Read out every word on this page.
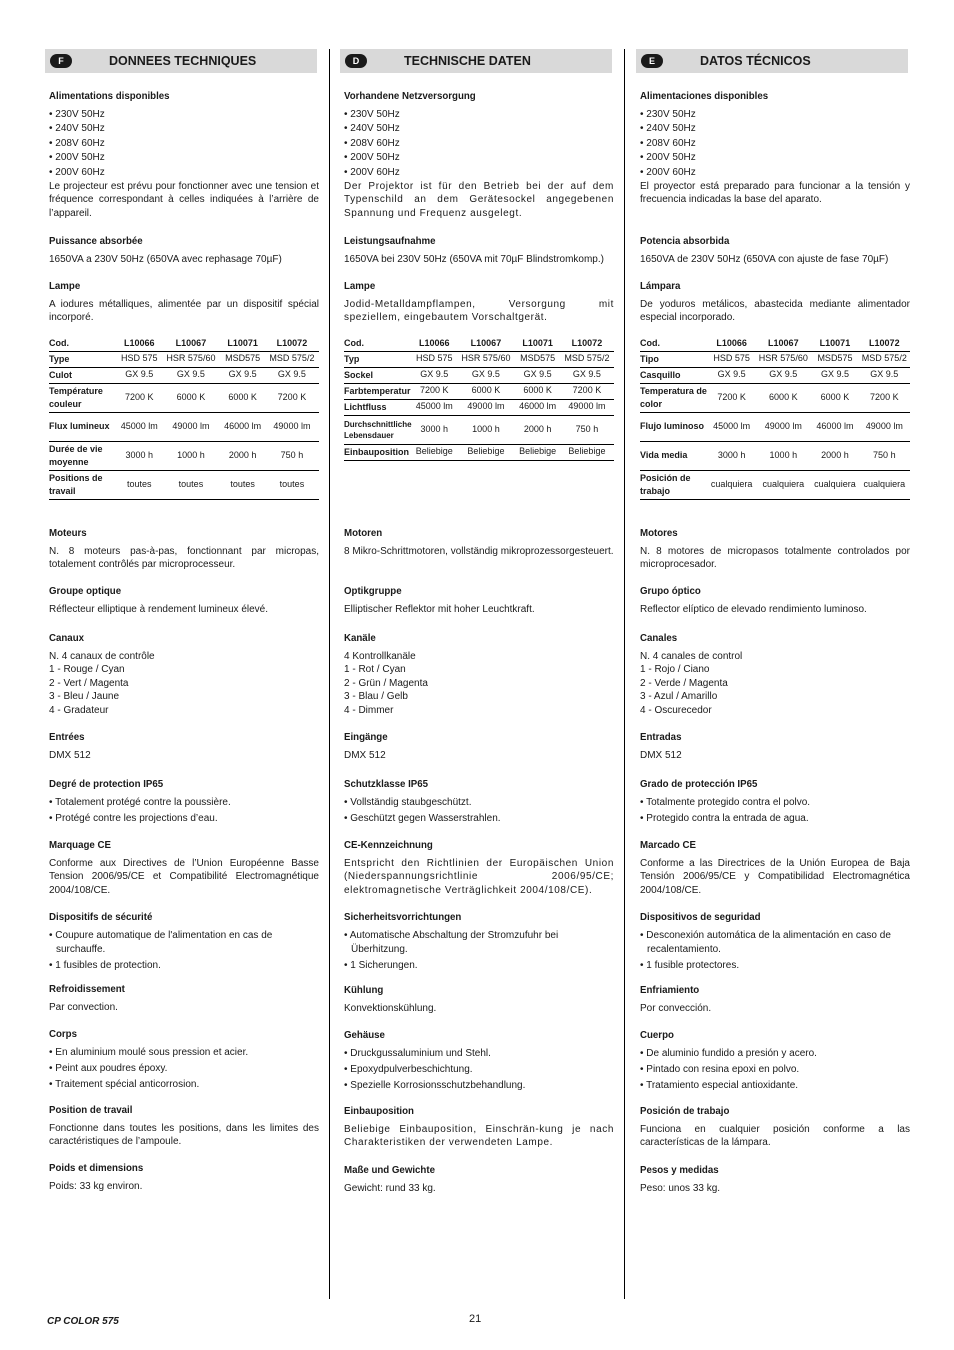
CP COLOR 575	21
F	DONNEES TECHNIQUES
Alimentations disponibles
• 230V 50Hz
• 240V 50Hz
• 208V 60Hz
• 200V 50Hz
• 200V 60Hz
Le projecteur est prévu pour fonctionner avec une tension et fréquence correspondant à celles indiquées à l’arrière de l’appareil.
Puissance absorbée
1650VA a 230V 50Hz (650VA avec rephasage 70µF)
Lampe
A iodures métalliques, alimentée par un dispositif spécial incorporé.
Cod.	L10066	L10067	L10071	L10072
Type	HSD 575	HSR 575/60	MSD575	MSD 575/2
Culot	GX 9.5	GX 9.5	GX 9.5	GX 9.5
Température couleur	7200 K	6000 K	6000 K	7200 K
Flux lumineux	45000 lm	49000 lm	46000 lm	49000 lm
Durée de vie moyenne	3000 h	1000 h	2000 h	750 h
Positions de travail	toutes	toutes	toutes	toutes
Moteurs
N. 8 moteurs pas-à-pas, fonctionnant par micropas, totalement contrôlés par microprocesseur.
Groupe optique
Réflecteur elliptique à rendement lumineux élevé.
Canaux
N. 4 canaux de contrôle
1 - Rouge / Cyan
2 - Vert / Magenta
3 - Bleu / Jaune
4 - Gradateur
Entrées
DMX 512
Degré de protection IP65
• Totalement protégé contre la poussière.
• Protégé contre les projections d’eau.
Marquage CE
Conforme aux Directives de l’Union Européenne Basse Tension 2006/95/CE et Compatibilité Electromagnétique 2004/108/CE.
Dispositifs de sécurité
• Coupure automatique de l'alimentation en cas de surchauffe.
• 1 fusibles de protection.
Refroidissement
Par convection.
Corps
• En aluminium moulé sous pression et acier.
• Peint aux poudres époxy.
• Traitement spécial anticorrosion.
Position de travail
Fonctionne dans toutes les positions, dans les limites des caractéristiques de l’ampoule.
Poids et dimensions
Poids: 33 kg environ.
D	TECHNISCHE DATEN
Vorhandene Netzversorgung
• 230V 50Hz
• 240V 50Hz
• 208V 60Hz
• 200V 50Hz
• 200V 60Hz
Der Projektor ist für den Betrieb bei der auf dem Typenschild an dem Gerätesockel angegebenen Spannung und Frequenz ausgelegt.
Leistungsaufnahme
1650VA bei 230V 50Hz (650VA mit 70µF Blindstromkomp.)
Lampe
Jodid-Metalldampflampen, Versorgung mit speziellem, eingebautem Vorschaltgerät.
Cod.	L10066	L10067	L10071	L10072
Typ	HSD 575	HSR 575/60	MSD575	MSD 575/2
Sockel	GX 9.5	GX 9.5	GX 9.5	GX 9.5
Farbtemperatur	7200 K	6000 K	6000 K	7200 K
Lichtfluss	45000 lm	49000 lm	46000 lm	49000 lm
Durchschnittliche Lebensdauer	3000 h	1000 h	2000 h	750 h
Einbauposition	Beliebige	Beliebige	Beliebige	Beliebige
Motoren
8 Mikro-Schrittmotoren, vollständig mikroprozessorgesteuert.
Optikgruppe
Elliptischer Reflektor mit hoher Leuchtkraft.
Kanäle
4 Kontrollkanäle
1 - Rot / Cyan
2 - Grün / Magenta
3 - Blau / Gelb
4 - Dimmer
Eingänge
DMX 512
Schutzklasse IP65
• Vollständig staubgeschützt.
• Geschützt gegen Wasserstrahlen.
CE-Kennzeichnung
Entspricht den Richtlinien der Europäischen Union (Niederspannungsrichtlinie 2006/95/CE; elektromagnetische Verträglichkeit 2004/108/CE).
Sicherheitsvorrichtungen
• Automatische Abschaltung der Stromzufuhr bei Überhitzung.
• 1 Sicherungen.
Kühlung
Konvektionskühlung.
Gehäuse
• Druckgussaluminium und Stehl.
• Epoxydpulverbeschichtung.
• Spezielle Korrosionsschutzbehandlung.
Einbauposition
Beliebige Einbauposition, Einschrän-kung je nach Charakteristiken der verwendeten Lampe.
Maße und Gewichte
Gewicht: rund 33 kg.
E	DATOS TÉCNICOS
Alimentaciones disponibles
• 230V 50Hz
• 240V 50Hz
• 208V 60Hz
• 200V 50Hz
• 200V 60Hz
El proyector está preparado para funcionar a la tensión y frecuencia indicadas la base del aparato.
Potencia absorbida
1650VA de 230V 50Hz (650VA con ajuste de fase 70µF)
Lámpara
De yoduros metálicos, abastecida mediante alimentador especial incorporado.
Cod.	L10066	L10067	L10071	L10072
Tipo	HSD 575	HSR 575/60	MSD575	MSD 575/2
Casquillo	GX 9.5	GX 9.5	GX 9.5	GX 9.5
Temperatura de color	7200 K	6000 K	6000 K	7200 K
Flujo luminoso	45000 lm	49000 lm	46000 lm	49000 lm
Vida media	3000 h	1000 h	2000 h	750 h
Posición de trabajo	cualquiera	cualquiera	cualquiera	cualquiera
Motores
N. 8 motores de micropasos totalmente controlados por microprocesador.
Grupo óptico
Reflector elíptico de elevado rendimiento luminoso.
Canales
N. 4 canales de control
1 - Rojo / Ciano
2 - Verde / Magenta
3 - Azul / Amarillo
4 - Oscurecedor
Entradas
DMX 512
Grado de protección IP65
• Totalmente protegido contra el polvo.
• Protegido contra la entrada de agua.
Marcado CE
Conforme a las Directrices de la Unión Europea de Baja Tensión 2006/95/CE y Compatibilidad Electromagnética 2004/108/CE.
Dispositivos de seguridad
• Desconexión automática de la alimentación en caso de recalentamiento.
• 1 fusible protectores.
Enfriamiento
Por convección.
Cuerpo
• De aluminio fundido a presión y acero.
• Pintado con resina epoxi en polvo.
• Tratamiento especial antioxidante.
Posición de trabajo
Funciona en cualquier posición conforme a las características de la lámpara.
Pesos y medidas
Peso: unos 33 kg.
